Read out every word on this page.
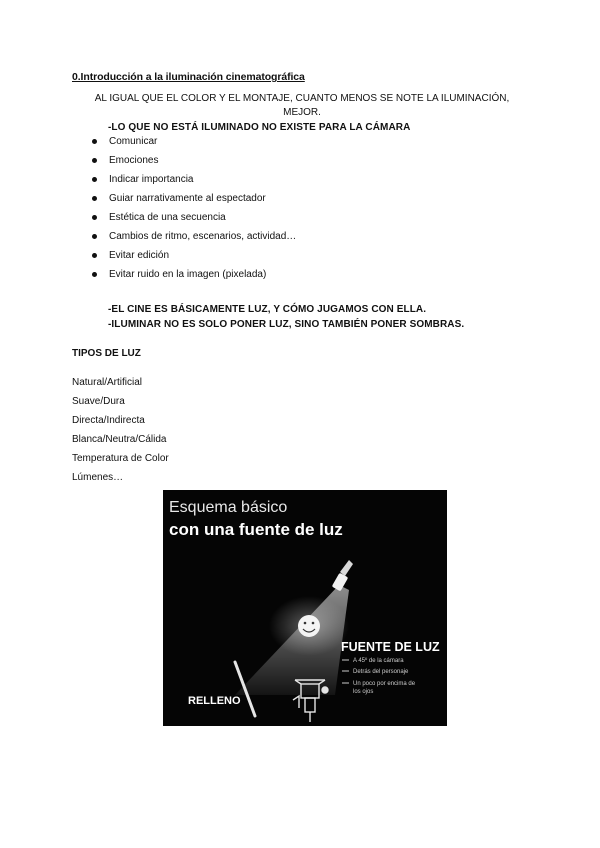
0.Introducción a la iluminación cinematográfica
AL IGUAL QUE EL COLOR Y EL MONTAJE, CUANTO MENOS SE NOTE LA ILUMINACIÓN,
MEJOR.
-LO QUE NO ESTÁ ILUMINADO NO EXISTE PARA LA CÁMARA
Comunicar
Emociones
Indicar importancia
Guiar narrativamente al espectador
Estética de una secuencia
Cambios de ritmo, escenarios, actividad…
Evitar edición
Evitar ruido en la imagen (pixelada)
-EL CINE ES BÁSICAMENTE LUZ, Y CÓMO JUGAMOS CON ELLA.
-ILUMINAR NO ES SOLO PONER LUZ, SINO TAMBIÉN PONER SOMBRAS.
TIPOS DE LUZ
Natural/Artificial
Suave/Dura
Directa/Indirecta
Blanca/Neutra/Cálida
Temperatura de Color
Lúmenes…
Esquema básico
con una fuente de luz
FUENTE DE LUZ
A 45º de la cámara
Detrás del personaje
Un poco por encima de
los ojos
RELLENO
